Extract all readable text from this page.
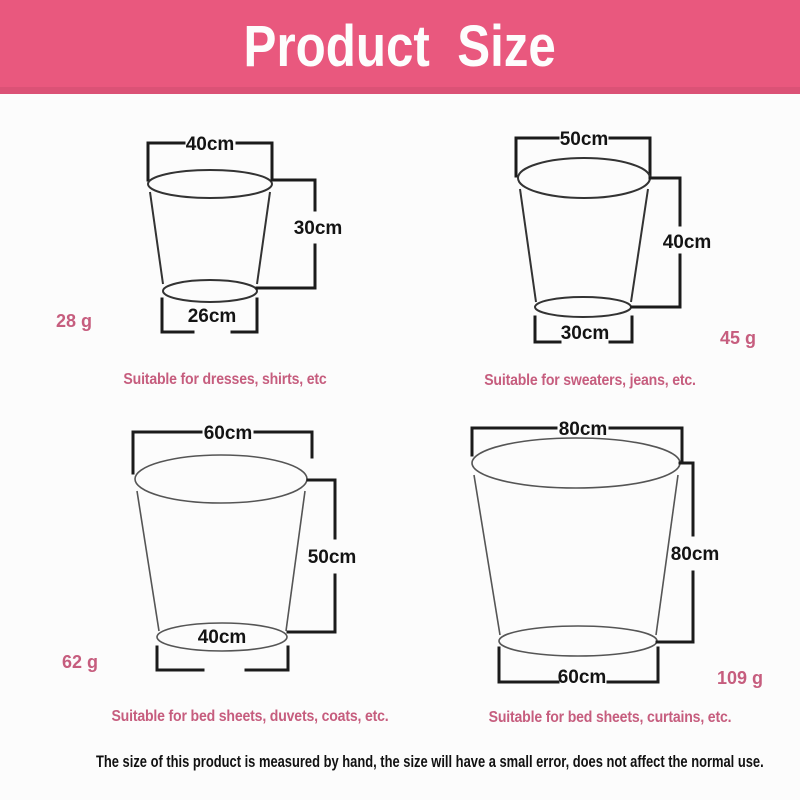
Product  Size
40cm
30cm
26cm
50cm
40cm
30cm
60cm
50cm
40cm
80cm
80cm
60cm
28 g
45 g
62 g
109 g
Suitable for dresses, shirts, etc	Suitable for sweaters, jeans, etc.
Suitable for bed sheets, duvets, coats, etc.	Suitable for bed sheets, curtains, etc.

The size of this product is measured by hand, the size will have a small error, does not affect the normal use.
